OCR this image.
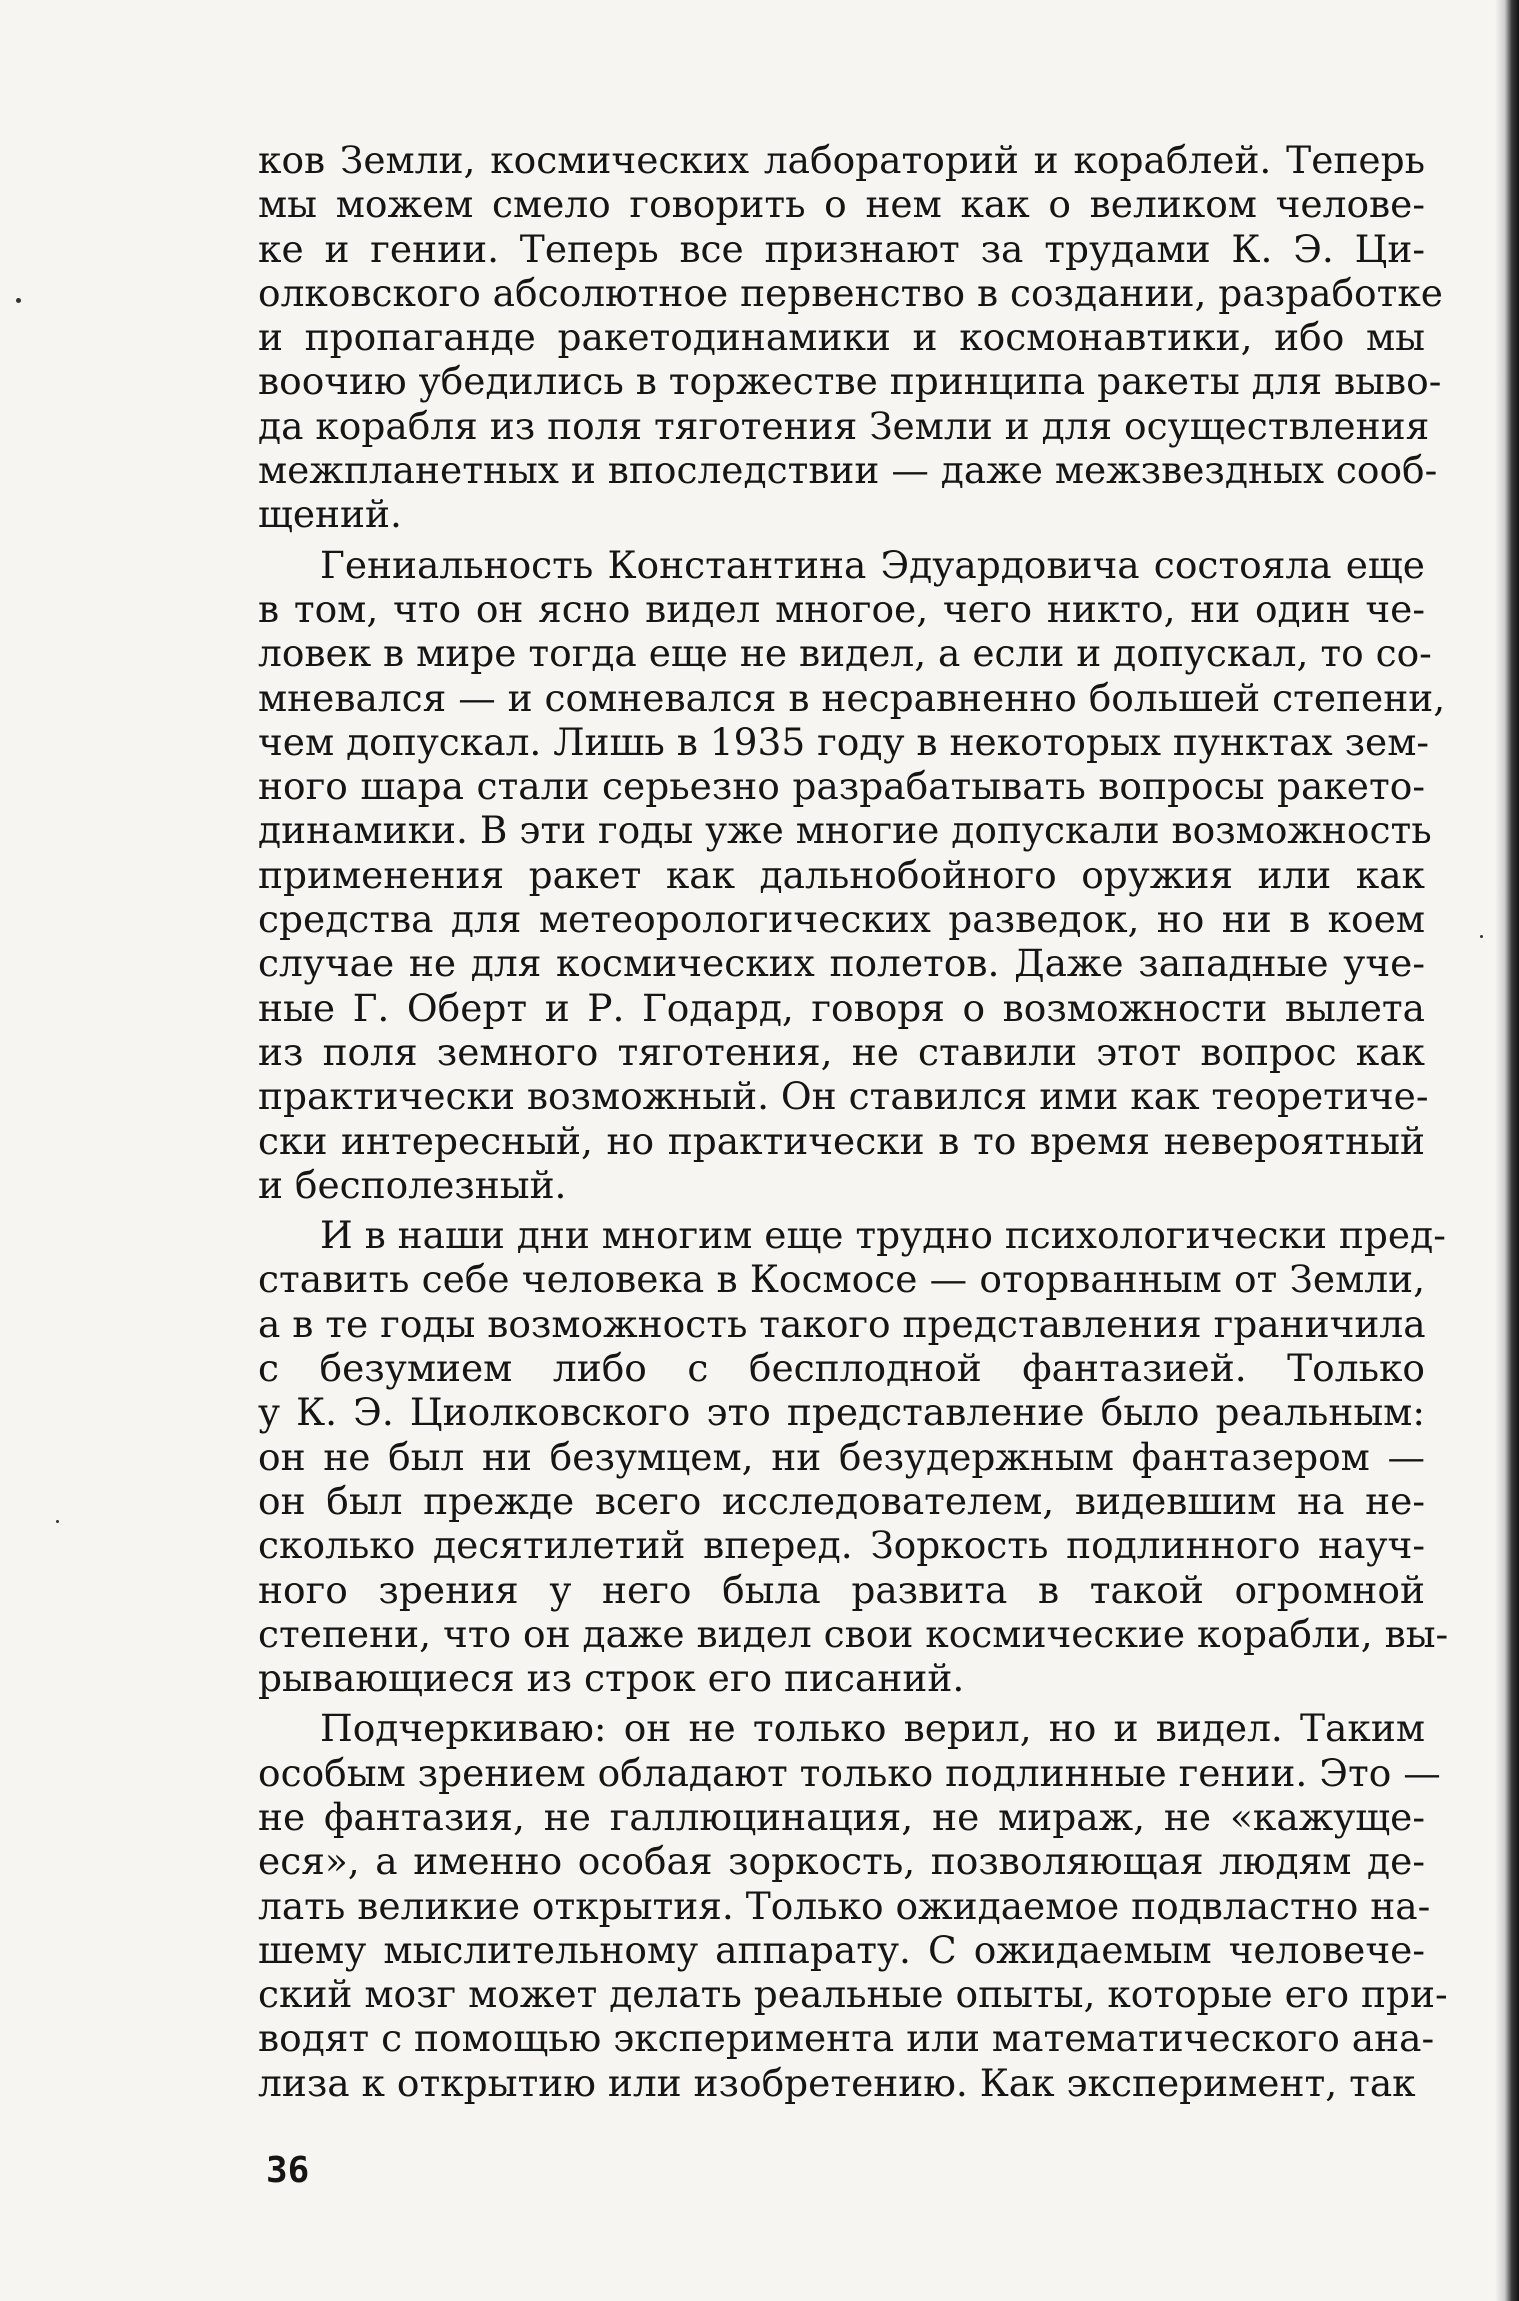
ков Земли, космических лабораторий и кораблей. Теперь
мы можем смело говорить о нем как о великом челове-
ке и гении. Теперь все признают за трудами К. Э. Ци-
олковского абсолютное первенство в создании, разработке
и пропаганде ракетодинамики и космонавтики, ибо мы
воочию убедились в торжестве принципа ракеты для выво-
да корабля из поля тяготения Земли и для осуществления
межпланетных и впоследствии — даже межзвездных сооб-
щений.
Гениальность Константина Эдуардовича состояла еще
в том, что он ясно видел многое, чего никто, ни один че-
ловек в мире тогда еще не видел, а если и допускал, то со-
мневался — и сомневался в несравненно большей степени,
чем допускал. Лишь в 1935 году в некоторых пунктах зем-
ного шара стали серьезно разрабатывать вопросы ракето-
динамики. В эти годы уже многие допускали возможность
применения ракет как дальнобойного оружия или как
средства для метеорологических разведок, но ни в коем
случае не для космических полетов. Даже западные уче-
ные Г. Оберт и Р. Годард, говоря о возможности вылета
из поля земного тяготения, не ставили этот вопрос как
практически возможный. Он ставился ими как теоретиче-
ски интересный, но практически в то время невероятный
и бесполезный.
И в наши дни многим еще трудно психологически пред-
ставить себе человека в Космосе — оторванным от Земли,
а в те годы возможность такого представления граничила
с безумием либо с бесплодной фантазией. Только
у К. Э. Циолковского это представление было реальным:
он не был ни безумцем, ни безудержным фантазером —
он был прежде всего исследователем, видевшим на не-
сколько десятилетий вперед. Зоркость подлинного науч-
ного зрения у него была развита в такой огромной
степени, что он даже видел свои космические корабли, вы-
рывающиеся из строк его писаний.
Подчеркиваю: он не только верил, но и видел. Таким
особым зрением обладают только подлинные гении. Это —
не фантазия, не галлюцинация, не мираж, не «кажуще-
еся», а именно особая зоркость, позволяющая людям де-
лать великие открытия. Только ожидаемое подвластно на-
шему мыслительному аппарату. С ожидаемым человече-
ский мозг может делать реальные опыты, которые его при-
водят с помощью эксперимента или математического ана-
лиза к открытию или изобретению. Как эксперимент, так
36
